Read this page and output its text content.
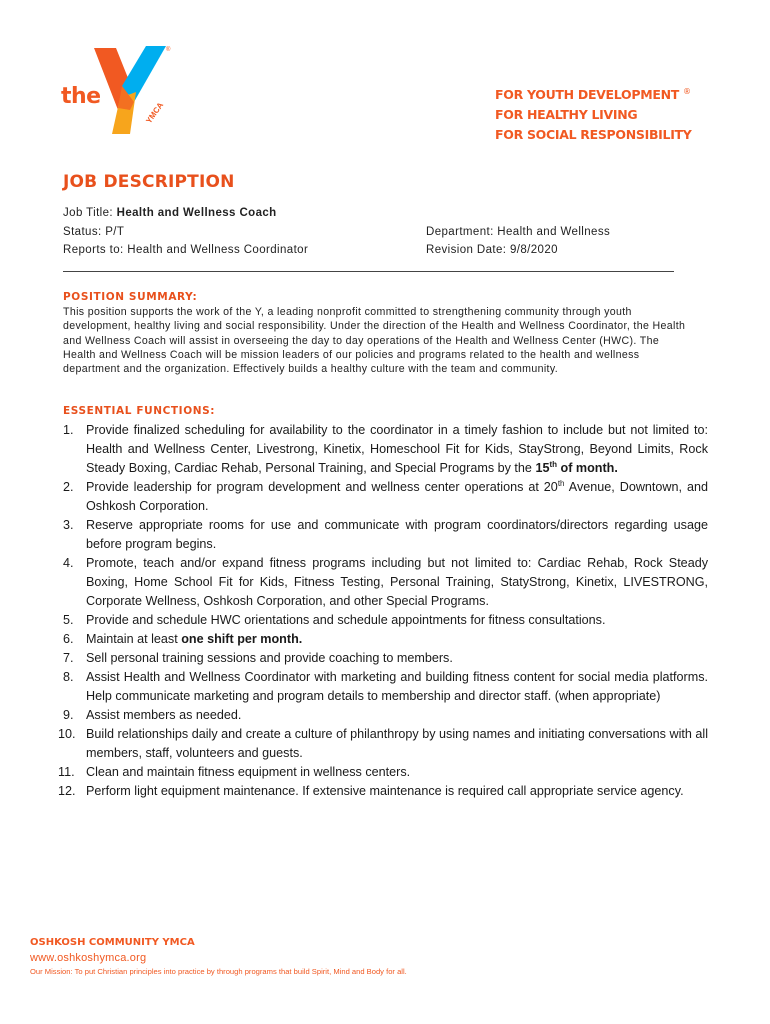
YMCA
®
the	FOR YOUTH DEVELOPMENT ®
FOR HEALTHY LIVING
FOR SOCIAL RESPONSIBILITY
JOB DESCRIPTION
Job Title: Health and Wellness Coach
Status: P/T
Reports to: Health and Wellness Coordinator
Department: Health and Wellness
Revision Date: 9/8/2020
POSITION SUMMARY:
This position supports the work of the Y, a leading nonprofit committed to strengthening community through youth development, healthy living and social responsibility. Under the direction of the Health and Wellness Coordinator, the Health and Wellness Coach will assist in overseeing the day to day operations of the Health and Wellness Center (HWC). The Health and Wellness Coach will be mission leaders of our policies and programs related to the health and wellness department and the organization. Effectively builds a healthy culture with the team and community.
ESSENTIAL FUNCTIONS:
1. Provide finalized scheduling for availability to the coordinator in a timely fashion to include but not limited to: Health and Wellness Center, Livestrong, Kinetix, Homeschool Fit for Kids, StayStrong, Beyond Limits, Rock Steady Boxing, Cardiac Rehab, Personal Training, and Special Programs by the 15th of month.
2. Provide leadership for program development and wellness center operations at 20th Avenue, Downtown, and Oshkosh Corporation.
3. Reserve appropriate rooms for use and communicate with program coordinators/directors regarding usage before program begins.
4. Promote, teach and/or expand fitness programs including but not limited to: Cardiac Rehab, Rock Steady Boxing, Home School Fit for Kids, Fitness Testing, Personal Training, StatyStrong, Kinetix, LIVESTRONG, Corporate Wellness, Oshkosh Corporation, and other Special Programs.
5. Provide and schedule HWC orientations and schedule appointments for fitness consultations.
6. Maintain at least one shift per month.
7. Sell personal training sessions and provide coaching to members.
8. Assist Health and Wellness Coordinator with marketing and building fitness content for social media platforms. Help communicate marketing and program details to membership and director staff. (when appropriate)
9. Assist members as needed.
10. Build relationships daily and create a culture of philanthropy by using names and initiating conversations with all members, staff, volunteers and guests.
11. Clean and maintain fitness equipment in wellness centers.
12. Perform light equipment maintenance. If extensive maintenance is required call appropriate service agency.
OSHKOSH COMMUNITY YMCA
www.oshkoshymca.org
Our Mission: To put Christian principles into practice by through programs that build Spirit, Mind and Body for all.
